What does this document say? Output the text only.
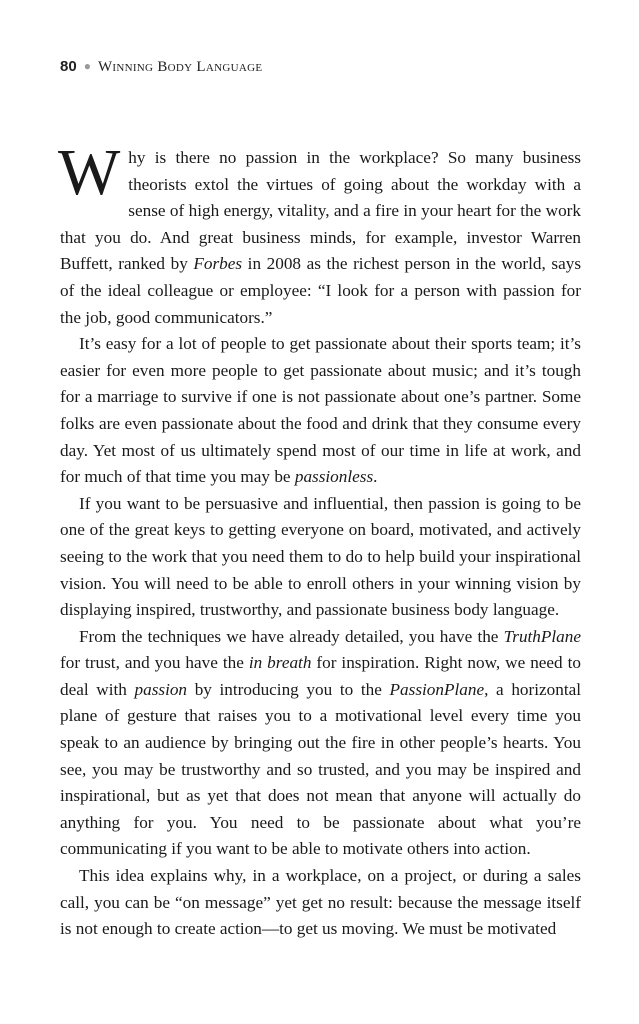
80 ● Winning Body Language

Why is there no passion in the workplace? So many business theorists extol the virtues of going about the workday with a sense of high energy, vitality, and a fire in your heart for the work that you do. And great business minds, for example, investor Warren Buffett, ranked by Forbes in 2008 as the richest person in the world, says of the ideal colleague or employee: “I look for a person with passion for the job, good communicators.”

It’s easy for a lot of people to get passionate about their sports team; it’s easier for even more people to get passionate about music; and it’s tough for a marriage to survive if one is not passionate about one’s partner. Some folks are even passionate about the food and drink that they consume every day. Yet most of us ultimately spend most of our time in life at work, and for much of that time you may be passionless.

If you want to be persuasive and influential, then passion is going to be one of the great keys to getting everyone on board, motivated, and actively seeing to the work that you need them to do to help build your inspirational vision. You will need to be able to enroll others in your winning vision by displaying inspired, trustworthy, and passionate business body language.

From the techniques we have already detailed, you have the TruthPlane for trust, and you have the in breath for inspiration. Right now, we need to deal with passion by introducing you to the PassionPlane, a horizontal plane of gesture that raises you to a motivational level every time you speak to an audience by bringing out the fire in other people’s hearts. You see, you may be trustworthy and so trusted, and you may be inspired and inspirational, but as yet that does not mean that anyone will actually do anything for you. You need to be passionate about what you’re communicating if you want to be able to motivate others into action.

This idea explains why, in a workplace, on a project, or during a sales call, you can be “on message” yet get no result: because the message itself is not enough to create action—to get us moving. We must be motivated
